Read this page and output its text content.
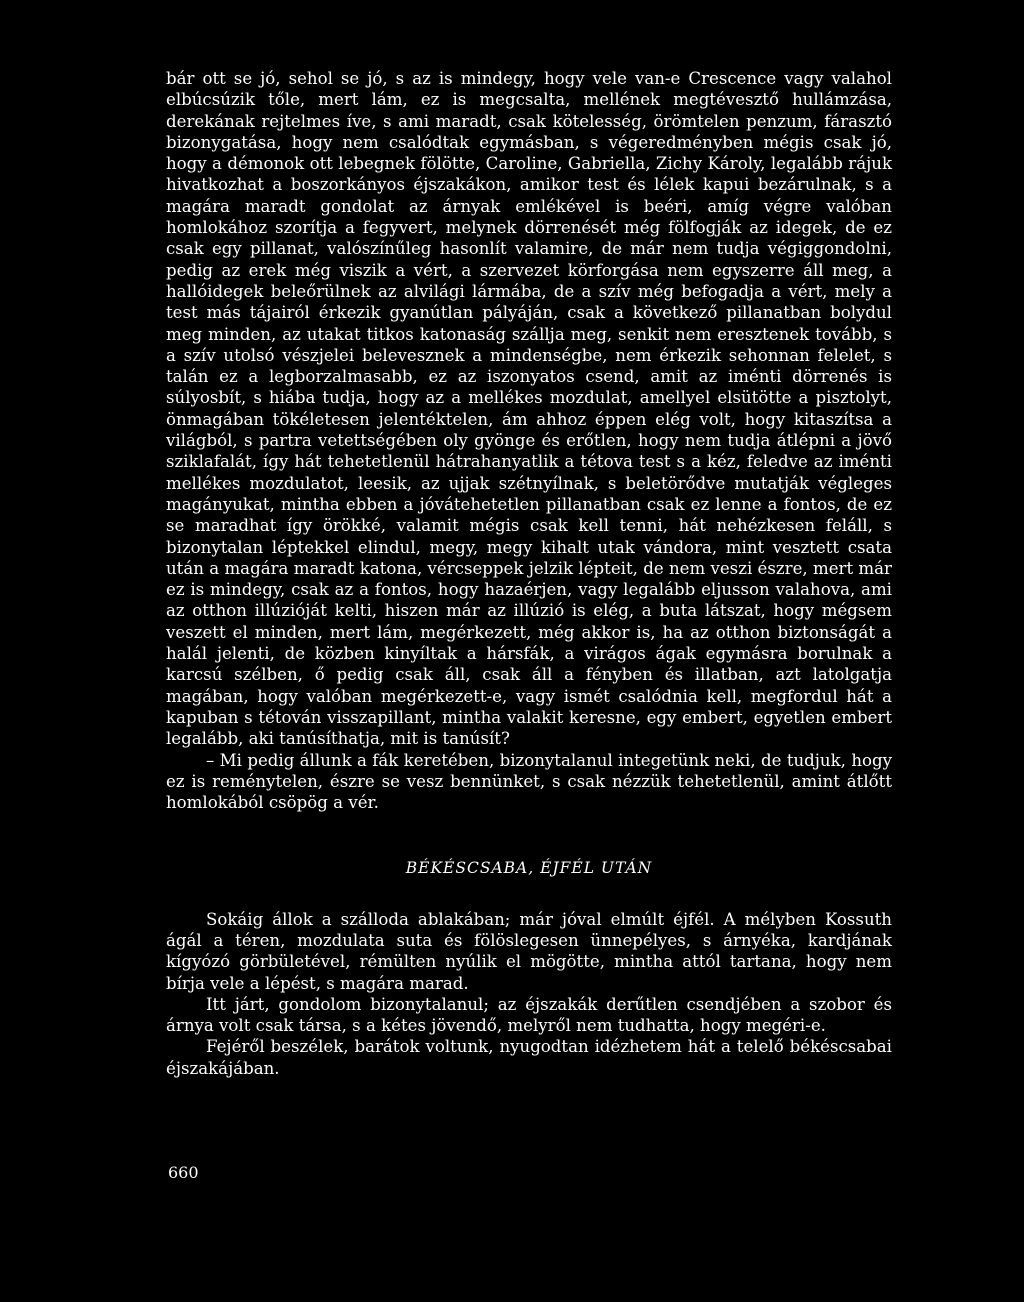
bár ott se jó, sehol se jó, s az is mindegy, hogy vele van-e Crescence vagy valahol elbúcsúzik tőle, mert lám, ez is megcsalta, mellének megtévesztő hullámzása, derekának rejtelmes íve, s ami maradt, csak kötelesség, örömtelen penzum, fárasztó bizonygatása, hogy nem csalódtak egymásban, s végeredményben mégis csak jó, hogy a démonok ott lebegnek fölötte, Caroline, Gabriella, Zichy Károly, legalább rájuk hivatkozhat a boszorkányos éjszakákon, amikor test és lélek kapui bezárulnak, s a magára maradt gondolat az árnyak emlékével is beéri, amíg végre valóban homlokához szorítja a fegyvert, melynek dörrenését még fölfogják az idegek, de ez csak egy pillanat, valószínűleg hasonlít valamire, de már nem tudja végiggondolni, pedig az erek még viszik a vért, a szervezet körforgása nem egyszerre áll meg, a hallóidegek beleőrülnek az alvilági lármába, de a szív még befogadja a vért, mely a test más tájairól érkezik gyanútlan pályáján, csak a következő pillanatban bolydul meg minden, az utakat titkos katonaság szállja meg, senkit nem eresztenek tovább, s a szív utolsó vészjelei belevesznek a mindenségbe, nem érkezik sehonnan felelet, s talán ez a legborzalmasabb, ez az iszonyatos csend, amit az iménti dörrenés is súlyosbít, s hiába tudja, hogy az a mellékes mozdulat, amellyel elsütötte a pisztolyt, önmagában tökéletesen jelentéktelen, ám ahhoz éppen elég volt, hogy kitaszítsa a világból, s partra vetettségében oly gyönge és erőtlen, hogy nem tudja átlépni a jövő sziklafalát, így hát tehetetlenül hátrahanyatlik a tétova test s a kéz, feledve az iménti mellékes mozdulatot, leesik, az ujjak szétnyílnak, s beletörődve mutatják végleges magányukat, mintha ebben a jóvátehetetlen pillanatban csak ez lenne a fontos, de ez se maradhat így örökké, valamit mégis csak kell tenni, hát nehézkesen feláll, s bizonytalan léptekkel elindul, megy, megy kihalt utak vándora, mint vesztett csata után a magára maradt katona, vércseppek jelzik lépteit, de nem veszi észre, mert már ez is mindegy, csak az a fontos, hogy hazaérjen, vagy legalább eljusson valahova, ami az otthon illúzióját kelti, hiszen már az illúzió is elég, a buta látszat, hogy mégsem veszett el minden, mert lám, megérkezett, még akkor is, ha az otthon biztonságát a halál jelenti, de közben kinyíltak a hársfák, a virágos ágak egymásra borulnak a karcsú szélben, ő pedig csak áll, csak áll a fényben és illatban, azt latolgatja magában, hogy valóban megérkezett-e, vagy ismét csalódnia kell, megfordul hát a kapuban s tétován visszapillant, mintha valakit keresne, egy embert, egyetlen embert legalább, aki tanúsíthatja, mit is tanúsít?

– Mi pedig állunk a fák keretében, bizonytalanul integetünk neki, de tudjuk, hogy ez is reménytelen, észre se vesz bennünket, s csak nézzük tehetetlenül, amint átlőtt homlokából csöpög a vér.

BÉKÉSCSABA, ÉJFÉL UTÁN

Sokáig állok a szálloda ablakában; már jóval elmúlt éjfél. A mélyben Kossuth ágál a téren, mozdulata suta és fölöslegesen ünnepélyes, s árnyéka, kardjának kígyózó görbületével, rémülten nyúlik el mögötte, mintha attól tartana, hogy nem bírja vele a lépést, s magára marad.

Itt járt, gondolom bizonytalanul; az éjszakák derűtlen csendjében a szobor és árnya volt csak társa, s a kétes jövendő, melyről nem tudhatta, hogy megéri-e.

Fejéről beszélek, barátok voltunk, nyugodtan idézhetem hát a telelő békéscsabai éjszakájában.

660
